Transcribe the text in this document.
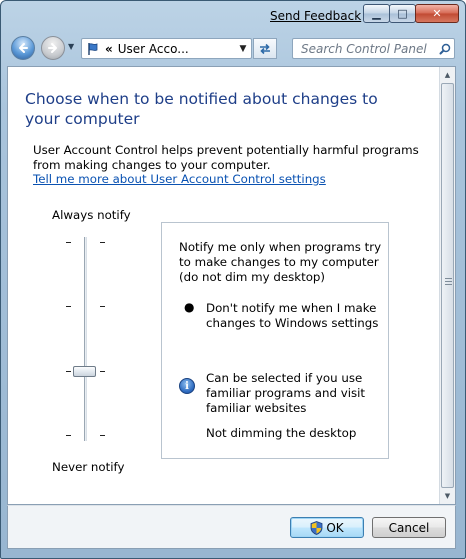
Send Feedback ▁ □ ✕
▼	« User Acco...	▼
Search Control Panel
Choose when to be notified about changes to your computer
User Account Control helps prevent potentially harmful programs from making changes to your computer.
Tell me more about User Account Control settings
Always notify
Never notify
Notify me only when programs try to make changes to my computer (do not dim my desktop)
● Don't notify me when I make changes to Windows settings
i
Can be selected if you use familiar programs and visit familiar websites
Not dimming the desktop
▲
▼
OK	Cancel
